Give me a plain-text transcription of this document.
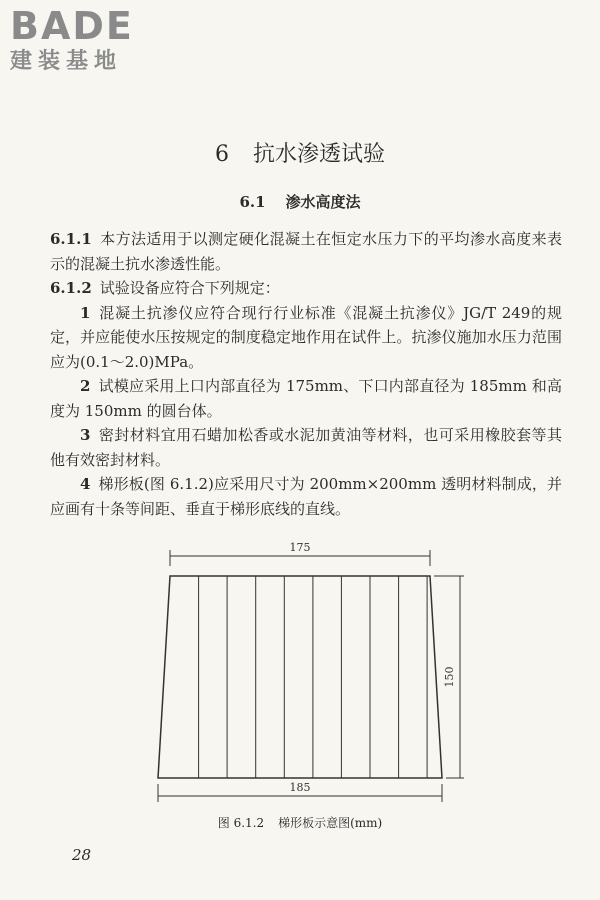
BADE
建装基地
6 抗水渗透试验
6.1 渗水高度法

6.1.1 本方法适用于以测定硬化混凝土在恒定水压力下的平均渗水高度来表示的混凝土抗水渗透性能。

6.1.2 试验设备应符合下列规定：

1 混凝土抗渗仪应符合现行行业标准《混凝土抗渗仪》JG/T 249的规定，并应能使水压按规定的制度稳定地作用在试件上。抗渗仪施加水压力范围应为(0.1～2.0)MPa。

2 试模应采用上口内部直径为 175mm、下口内部直径为 185mm 和高度为 150mm 的圆台体。

3 密封材料宜用石蜡加松香或水泥加黄油等材料，也可采用橡胶套等其他有效密封材料。

4 梯形板(图 6.1.2)应采用尺寸为 200mm×200mm 透明材料制成，并应画有十条等间距、垂直于梯形底线的直线。

175
185
150
图 6.1.2 梯形板示意图(mm)
28
